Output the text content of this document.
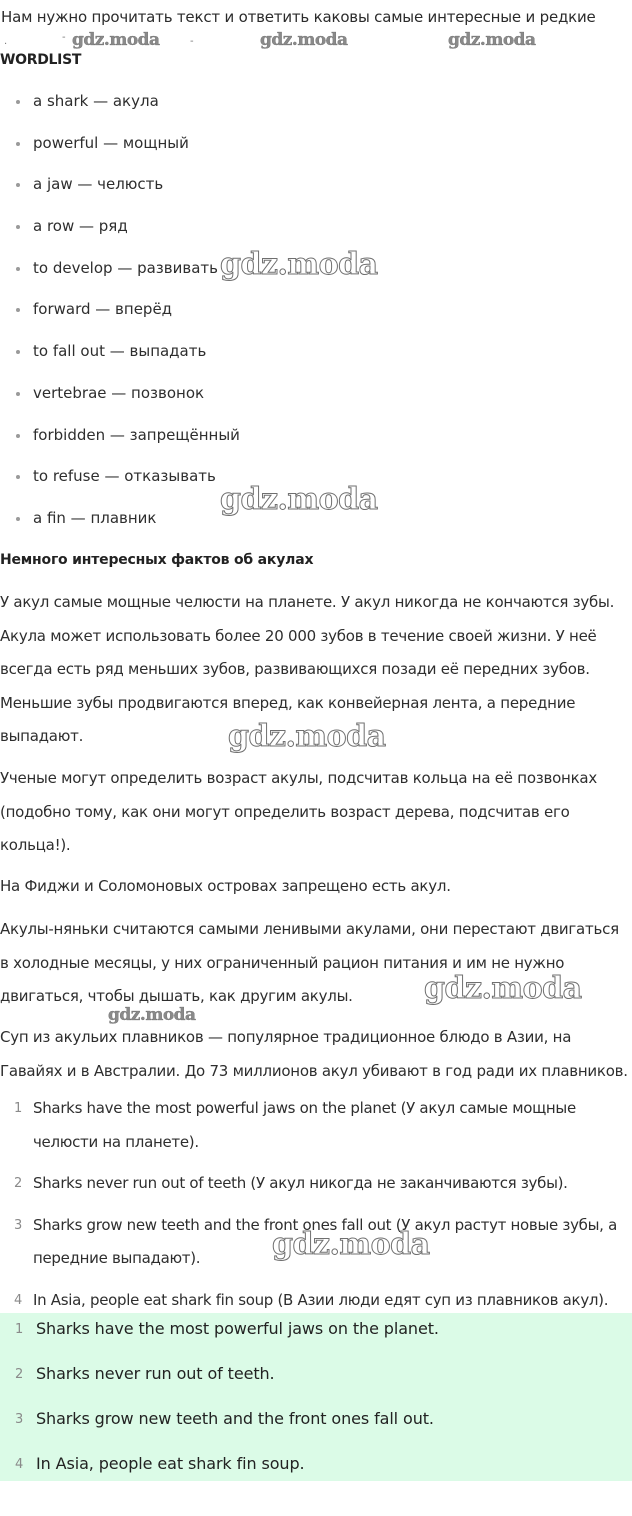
Нам нужно прочитать текст и ответить каковы самые интересные и редкие
.	- gdz.moda	-	gdz.moda	gdz.moda
WORDLIST
a shark — акула
powerful — мощный
a jaw — челюсть
a row — ряд
to develop — развивать
forward — вперёд
to fall out — выпадать
vertebrae — позвонок
forbidden — запрещённый
to refuse — отказывать
a fin — плавник
gdz.moda
gdz.moda
Немного интересных фактов об акулах

У акул самые мощные челюсти на планете. У акул никогда не кончаются зубы. Акула может использовать более 20 000 зубов в течение своей жизни. У неё всегда есть ряд меньших зубов, развивающихся позади её передних зубов. Меньшие зубы продвигаются вперед, как конвейерная лента, а передние выпадают.

Ученые могут определить возраст акулы, подсчитав кольца на её позвонках (подобно тому, как они могут определить возраст дерева, подсчитав его кольца!).

На Фиджи и Соломоновых островах запрещено есть акул.

Акулы-няньки считаются самыми ленивыми акулами, они перестают двигаться в холодные месяцы, у них ограниченный рацион питания и им не нужно двигаться, чтобы дышать, как другим акулы.

Суп из акульих плавников — популярное традиционное блюдо в Азии, на Гавайях и в Австралии. До 73 миллионов акул убивают в год ради их плавников.

gdz.moda
gdz.moda
gdz.moda
1 Sharks have the most powerful jaws on the planet (У акул самые мощные челюсти на планете).
2 Sharks never run out of teeth (У акул никогда не заканчиваются зубы).
3 Sharks grow new teeth and the front ones fall out (У акул растут новые зубы, а передние выпадают).
4 In Asia, people eat shark fin soup (В Азии люди едят суп из плавников акул).
gdz.moda
1 Sharks have the most powerful jaws on the planet.
2 Sharks never run out of teeth.
3 Sharks grow new teeth and the front ones fall out.
4 In Asia, people eat shark fin soup.
